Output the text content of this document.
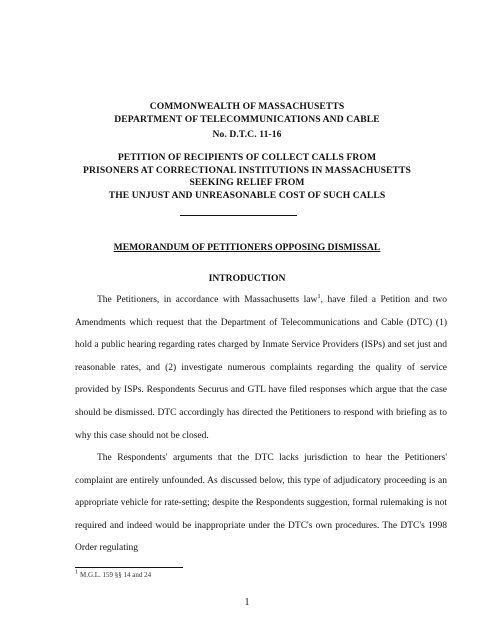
COMMONWEALTH OF MASSACHUSETTS
DEPARTMENT OF TELECOMMUNICATIONS AND CABLE
No. D.T.C. 11-16
PETITION OF RECIPIENTS OF COLLECT CALLS FROM
PRISONERS AT CORRECTIONAL INSTITUTIONS IN MASSACHUSETTS
SEEKING RELIEF FROM
THE UNJUST AND UNREASONABLE COST OF SUCH CALLS
MEMORANDUM OF PETITIONERS OPPOSING DISMISSAL
INTRODUCTION

The Petitioners, in accordance with Massachusetts law$^1$, have filed a Petition and two Amendments which request that the Department of Telecommunications and Cable (DTC) (1) hold a public hearing regarding rates charged by Inmate Service Providers (ISPs) and set just and reasonable rates, and (2) investigate numerous complaints regarding the quality of service provided by ISPs. Respondents Securus and GTL have filed responses which argue that the case should be dismissed. DTC accordingly has directed the Petitioners to respond with briefing as to why this case should not be closed.

The Respondents' arguments that the DTC lacks jurisdiction to hear the Petitioners' complaint are entirely unfounded. As discussed below, this type of adjudicatory proceeding is an appropriate vehicle for rate-setting; despite the Respondents suggestion, formal rulemaking is not required and indeed would be inappropriate under the DTC's own procedures. The DTC's 1998 Order regulating

$^1$ M.G.L. 159 §§ 14 and 24
1
